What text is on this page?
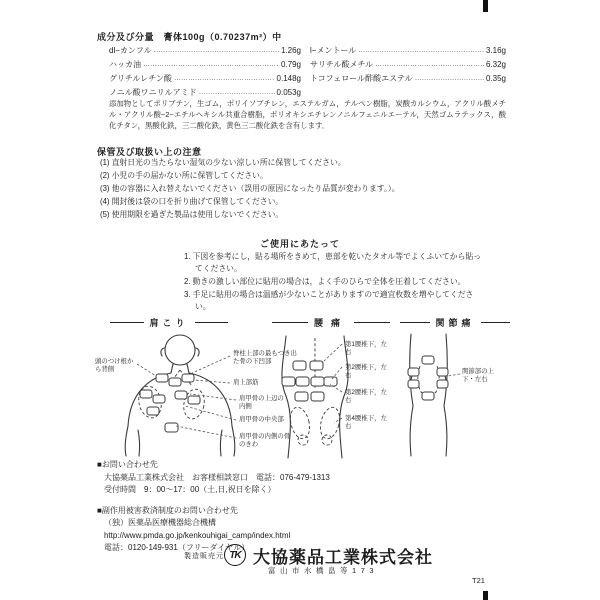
成分及び分量　 膏体100g（0.70237m²）中
dl−カンフル ……………………………………………………………	1.26g
ハッカ油 ……………………………………………………………	0.79g
グリチルレチン酸 ……………………………………………………………	0.148g
ノニル酸ワニリルアミド ……………………………………………………………	0.053g
l−メントール ……………………………………………………………	3.16g
サリチル酸メチル ……………………………………………………………	6.32g
トコフェロール酢酸エステル ……………………………………………………………	0.35g
添加物としてポリブテン，生ゴム，ポリイソブチレン，エステルガム，テルペン樹脂，炭酸カルシウム，アクリル酸メチル・アクリル酸−2−エチルヘキシル共重合樹脂，ポリオキシエチレンノニルフェニルエーテル，天然ゴムラテックス，酸化チタン，黒酸化鉄，三二酸化鉄，黄色三二酸化鉄を含有します．
保管及び取扱い上の注意
(1) 直射日光の当たらない湿気の少ない涼しい所に保管してください。
(2) 小児の手の届かない所に保管してください。
(3) 他の容器に入れ替えないでください（誤用の原因になったり品質が変わります。）。
(4) 開封後は袋の口を折り曲げて保管してください。
(5) 使用期限を過ぎた製品は使用しないでください。
ご使用にあたって
1. 下図を参考にし，貼る場所をきめて，患部を乾いたタオル等でよくふいてから貼ってください。
2. 動きの激しい部位に貼用の場合は，よく手のひらで全体を圧着してください。
3. 手足に貼用の場合は温感が少ないことがありますので適宜枚数を増やしてください。
肩こり	腰痛	関節痛
頭のつけ根から背側
脊柱上部の最もつき出た骨の下凹部
肩上部筋
肩甲骨の上辺の内側
肩甲骨の中央部
肩甲骨の内側の骨のきわ
第1腰椎下，左右
第2腰椎下，左右
第2腰椎下，左右
第4腰椎下，左右
関節部の上下・左右
■お問い合わせ先
大協薬品工業株式会社　お客様相談窓口　電話：076-479-1313
受付時間　9：00～17：00（土,日,祝日を除く）
■副作用被害救済制度のお問い合わせ先
（独）医薬品医療機器総合機構
http://www.pmda.go.jp/kenkouhigai_camp/index.html
電話：0120-149-931（フリーダイヤル）
製造販売元 TK 大協薬品工業株式会社
富山市水橋畠等173
T21
